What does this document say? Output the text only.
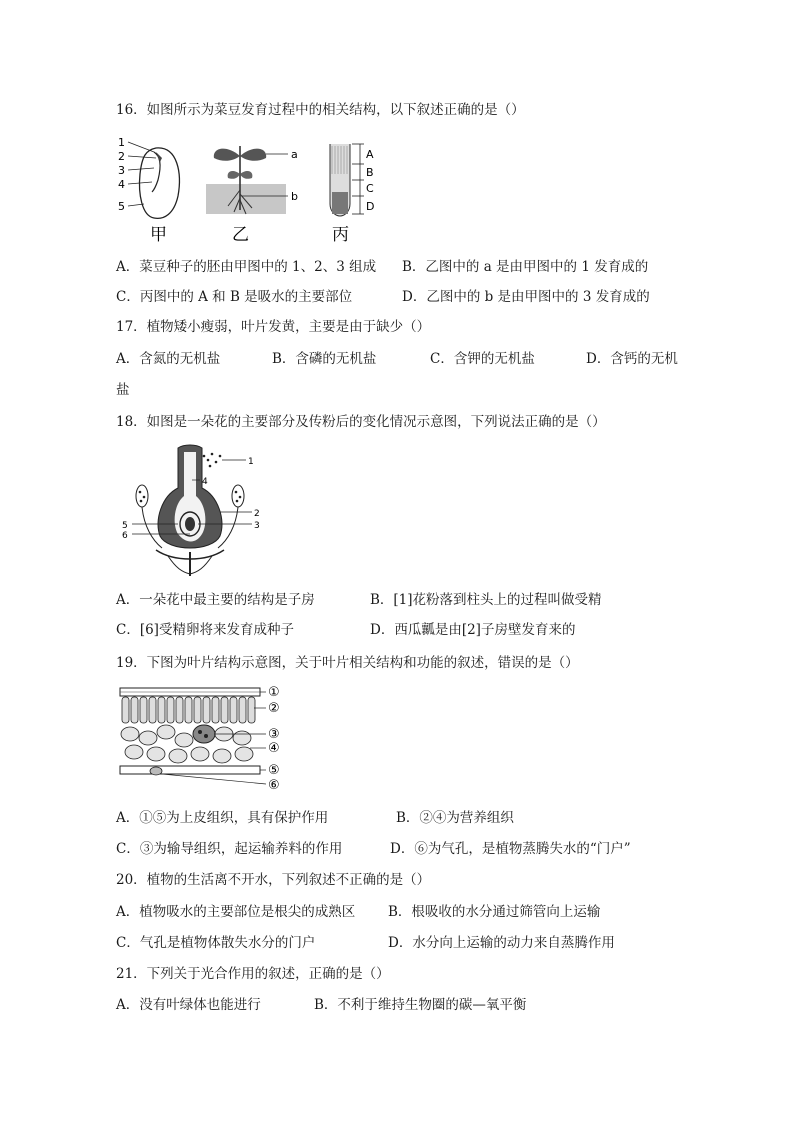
16．如图所示为菜豆发育过程中的相关结构，以下叙述正确的是（）
1
2
3
4
5
甲
a
b
乙
A
B
C
D
丙
A．菜豆种子的胚由甲图中的 1、2、3 组成 B．乙图中的 a 是由甲图中的 1 发育成的
C．丙图中的 A 和 B 是吸水的主要部位	D．乙图中的 b 是由甲图中的 3 发育成的
17．植物矮小瘦弱，叶片发黄，主要是由于缺少（）
A．含氮的无机盐	B．含磷的无机盐	C．含钾的无机盐	D．含钙的无机
盐
18．如图是一朵花的主要部分及传粉后的变化情况示意图，下列说法正确的是（）
1
2
3
4
5
6
A．一朵花中最主要的结构是子房	B．[1]花粉落到柱头上的过程叫做受精
C．[6]受精卵将来发育成种子	D．西瓜瓤是由[2]子房壁发育来的
19．下图为叶片结构示意图，关于叶片相关结构和功能的叙述，错误的是（）
①
②
③
④
⑤
⑥
A．①⑤为上皮组织，具有保护作用	B．②④为营养组织
C．③为输导组织，起运输养料的作用	D．⑥为气孔，是植物蒸腾失水的“门户”
20．植物的生活离不开水，下列叙述不正确的是（）
A．植物吸水的主要部位是根尖的成熟区 B．根吸收的水分通过筛管向上运输
C．气孔是植物体散失水分的门户	D．水分向上运输的动力来自蒸腾作用
21．下列关于光合作用的叙述，正确的是（）
A．没有叶绿体也能进行	B．不利于维持生物圈的碳—氧平衡
